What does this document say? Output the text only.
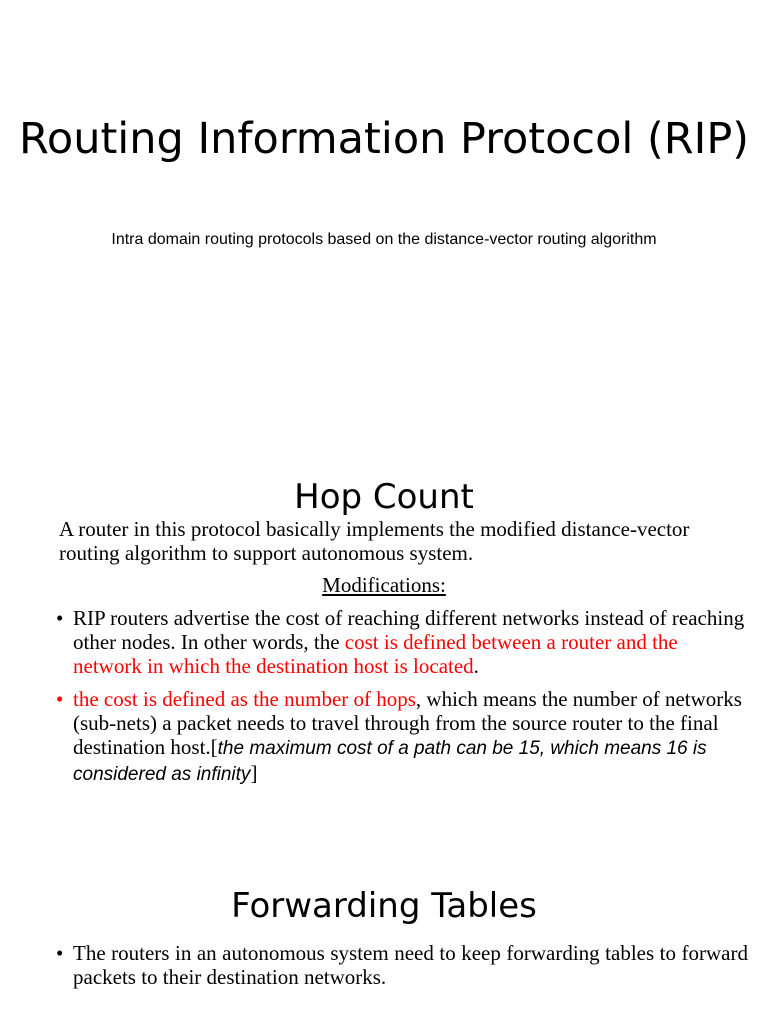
Routing Information Protocol (RIP)

Intra domain routing protocols based on the distance-vector routing algorithm

Hop Count

A router in this protocol basically implements the modified distance-vector routing algorithm to support autonomous system.

Modifications:

• RIP routers advertise the cost of reaching different networks instead of reaching other nodes. In other words, the cost is defined between a router and the network in which the destination host is located.
• the cost is defined as the number of hops, which means the number of networks (sub-nets) a packet needs to travel through from the source router to the final destination host.[the maximum cost of a path can be 15, which means 16 is considered as infinity]
Forwarding Tables
• The routers in an autonomous system need to keep forwarding tables to forward packets to their destination networks.
